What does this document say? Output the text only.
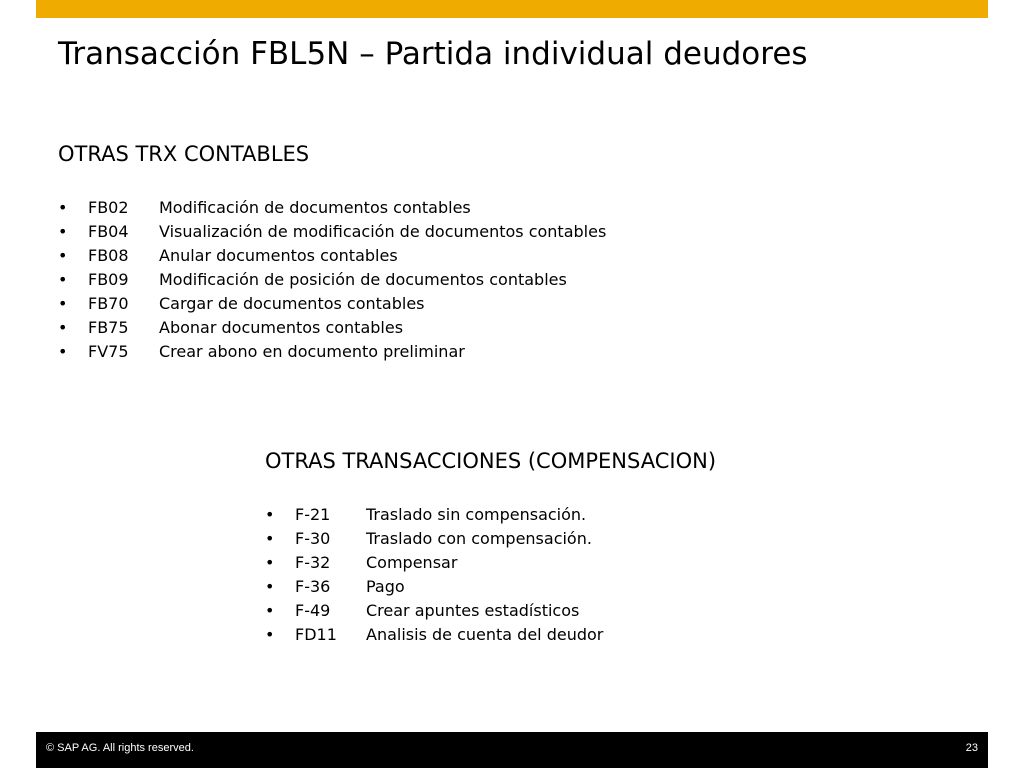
Transacción FBL5N – Partida individual deudores
OTRAS TRX CONTABLES
• FB02 Modificación de documentos contables
• FB04 Visualización de modificación de documentos contables
• FB08 Anular documentos contables
• FB09 Modificación de posición de documentos contables
• FB70 Cargar de documentos contables
• FB75 Abonar documentos contables
• FV75 Crear abono en documento preliminar
OTRAS TRANSACCIONES (COMPENSACION)
• F-21 Traslado sin compensación.
• F-30 Traslado con compensación.
• F-32 Compensar
• F-36 Pago
• F-49 Crear apuntes estadísticos
• FD11 Analisis de cuenta del deudor
© SAP AG. All rights reserved.	23
